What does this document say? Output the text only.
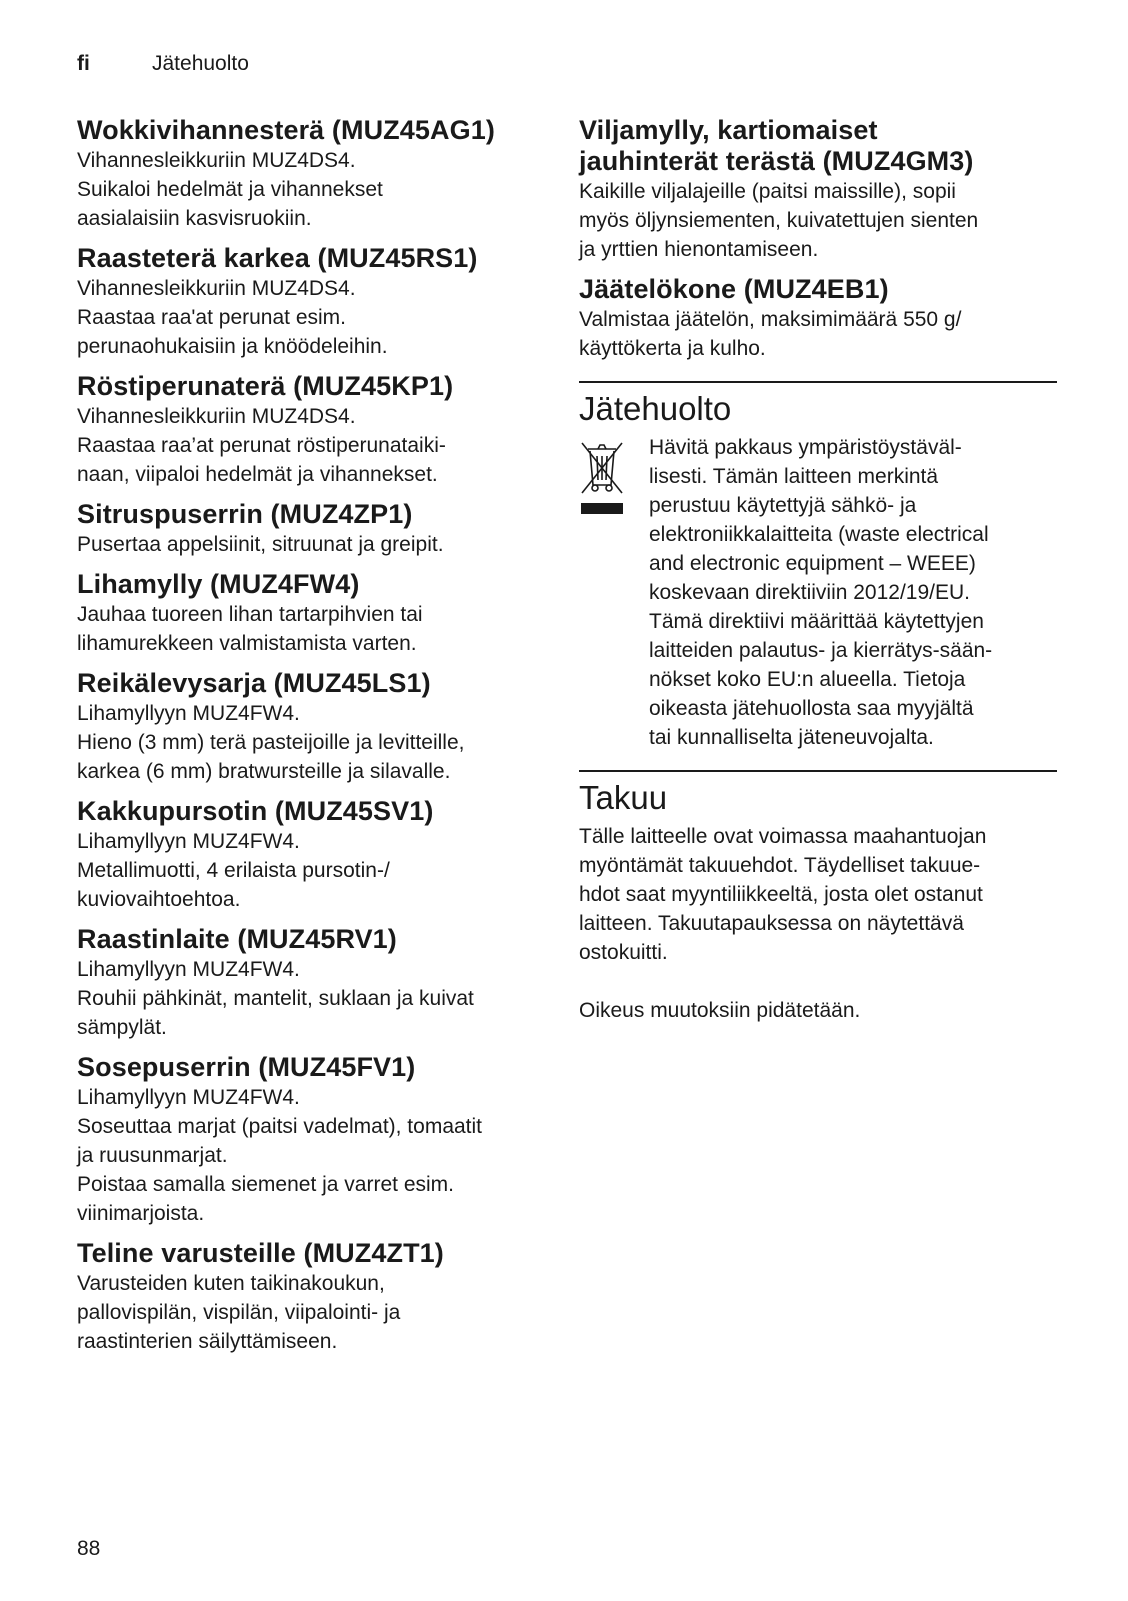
fi	Jätehuolto
Wokkivihannesterä (MUZ45AG1)

Vihannesleikkuriin MUZ4DS4.

Suikaloi hedelmät ja vihannekset

aasialaisiin kasvisruokiin.

Raasteterä karkea (MUZ45RS1)

Vihannesleikkuriin MUZ4DS4.

Raastaa raa'at perunat esim.

perunaohukaisiin ja knöödeleihin.

Röstiperunaterä (MUZ45KP1)

Vihannesleikkuriin MUZ4DS4.

Raastaa raa’at perunat röstiperunataiki-

naan, viipaloi hedelmät ja vihannekset.

Sitruspuserrin (MUZ4ZP1)

Pusertaa appelsiinit, sitruunat ja greipit.

Lihamylly (MUZ4FW4)

Jauhaa tuoreen lihan tartarpihvien tai

lihamurekkeen valmistamista varten.

Reikälevysarja (MUZ45LS1)

Lihamyllyyn MUZ4FW4.

Hieno (3 mm) terä pasteijoille ja levitteille,

karkea (6 mm) bratwursteille ja silavalle.

Kakkupursotin (MUZ45SV1)

Lihamyllyyn MUZ4FW4.

Metallimuotti, 4 erilaista pursotin-/

kuviovaihtoehtoa.

Raastinlaite (MUZ45RV1)

Lihamyllyyn MUZ4FW4.

Rouhii pähkinät, mantelit, suklaan ja kuivat

sämpylät.

Sosepuserrin (MUZ45FV1)

Lihamyllyyn MUZ4FW4.

Soseuttaa marjat (paitsi vadelmat), tomaatit

ja ruusunmarjat.

Poistaa samalla siemenet ja varret esim.

viinimarjoista.

Teline varusteille (MUZ4ZT1)

Varusteiden kuten taikinakoukun,

pallovispilän, vispilän, viipalointi- ja

raastinterien säilyttämiseen.

Viljamylly, kartiomaiset
jauhinterät terästä (MUZ4GM3)

Kaikille viljalajeille (paitsi maissille), sopii

myös öljynsiementen, kuivatettujen sienten

ja yrttien hienontamiseen.

Jäätelökone (MUZ4EB1)

Valmistaa jäätelön, maksimimäärä 550 g/

käyttökerta ja kulho.

Jätehuolto

Hävitä pakkaus ympäristöystäväl-

lisesti. Tämän laitteen merkintä

perustuu käytettyjä sähkö- ja

elektroniikkalaitteita (waste electrical

and electronic equipment – WEEE)

koskevaan direktiiviin 2012/19/EU.

Tämä direktiivi määrittää käytettyjen

laitteiden palautus- ja kierrätys-sään-

nökset koko EU:n alueella. Tietoja

oikeasta jätehuollosta saa myyjältä

tai kunnalliselta jäteneuvojalta.

Takuu

Tälle laitteelle ovat voimassa maahantuojan

myöntämät takuuehdot. Täydelliset takuue-

hdot saat myyntiliikkeeltä, josta olet ostanut

laitteen. Takuutapauksessa on näytettävä

ostokuitti.

Oikeus muutoksiin pidätetään.

88
